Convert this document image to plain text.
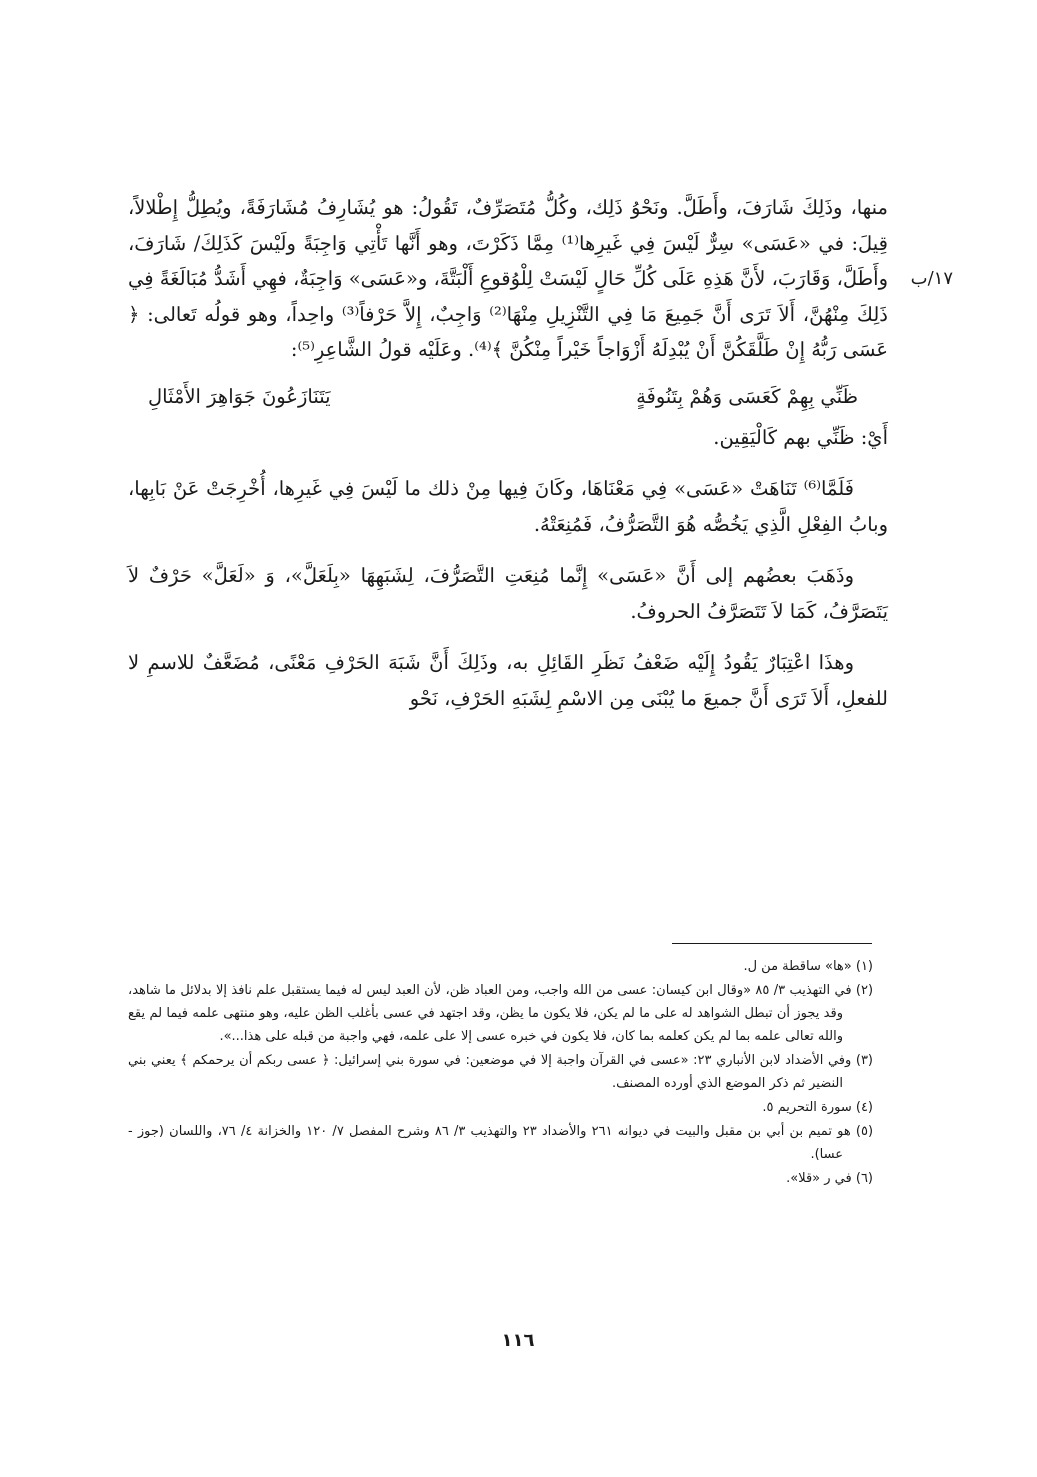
١٧/ب

منها، وذَلِكَ شَارَفَ، وأَطَلَّ. ونَحْوُ ذَلِك، وكُلُّ مُتَصَرِّفٌ، تَقُولُ: هو يُشَارِفُ مُشَارَفَةً، ويُطِلُّ إِطْلالاً، قِيلَ: في «عَسَى» سِرٌّ لَيْسَ فِي غَيرِها⁽¹⁾ مِمَّا ذَكَرْتَ، وهو أَنَّها تَأْتِي وَاجِبَةً ولَيْسَ كَذَلِكَ/ شَارَفَ، وأَطَلَّ، وَقَارَبَ، لأَنَّ هَذِهِ عَلَى كُلِّ حَالٍ لَيْسَتْ لِلْوُقوعِ أَلْبَتَّةَ، و«عَسَى» وَاجِبَةٌ، فهِي أَشَدُّ مُبَالَغَةً فِي ذَلِكَ مِنْهُنَّ، أَلاَ تَرَى أَنَّ جَمِيعَ مَا فِي التَّنْزِيلِ مِنْهَا⁽²⁾ وَاجِبٌ، إِلاَّ حَرْفاً⁽³⁾ واحِداً، وهو قولُه تَعالى: ﴿ عَسَى رَبُّهُ إِنْ طَلَّقَكُنَّ أَنْ يُبْدِلَهُ أَزْوَاجاً خَيْراً مِنْكُنَّ ﴾⁽⁴⁾. وعَلَيْه قولُ الشَّاعِرِ⁽⁵⁾:

ظَنِّي بِهِمْ كَعَسَى وَهُمْ بِتَنُوفَةٍ
يَتَنَازَعُونَ جَوَاهِرَ الأَمْثَالِ

أَيْ: ظَنِّي بهم كَالْيَقِين.

فَلَمَّا⁽⁶⁾ تَنَاهَتْ «عَسَى» فِي مَعْنَاهَا، وكَانَ فِيها مِنْ ذلك ما لَيْسَ فِي غَيرِها، أُخْرِجَتْ عَنْ بَابِها، وبابُ الفِعْلِ الَّذِي يَخُصُّه هُوَ التَّصَرُّفُ، فَمُنِعَتْهُ.

وذَهَبَ بعضُهم إلى أَنَّ «عَسَى» إِنَّما مُنِعَتِ التَّصَرُّفَ، لِشَبَهِهَا «بِلَعَلَّ»، وَ «لَعَلَّ» حَرْفٌ لاَ يَتَصَرَّفُ، كَمَا لاَ تَتَصَرَّفُ الحروفُ.

وهذَا اعْتِبَارٌ يَقُودُ إِلَيْه ضَعْفُ نَظَرِ القَائِلِ به، وذَلِكَ أَنَّ شَبَهَ الحَرْفِ مَعْنًى، مُضَعَّفٌ للاسمِ لا للفعلِ، أَلاَ تَرَى أَنَّ جميعَ ما يُبْنَى مِن الاسْمِ لِشَبَهِ الحَرْفِ، نَحْو

(١) «ها» ساقطة من ل.

(٢) في التهذيب ٣/ ٨٥ «وقال ابن كيسان: عسى من الله واجب، ومن العباد ظن، لأن العبد ليس له فيما يستقبل علم نافذ إلا بدلائل ما شاهد، وقد يجوز أن تبطل الشواهد له على ما لم يكن، فلا يكون ما يظن، وقد اجتهد في عسى بأغلب الظن عليه، وهو منتهى علمه فيما لم يقع والله تعالى علمه بما لم يكن كعلمه بما كان، فلا يكون في خبره عسى إلا على علمه، فهي واجبة من قبله على هذا...».

(٣) وفي الأضداد لابن الأنباري ٢٣: «عسى في القرآن واجبة إلا في موضعين: في سورة بني إسرائيل: ﴿ عسى ربكم أن يرحمكم ﴾ يعني بني النضير ثم ذكر الموضع الذي أورده المصنف.

(٤) سورة التحريم ٥.

(٥) هو تميم بن أبي بن مقبل والبيت في ديوانه ٢٦١ والأضداد ٢٣ والتهذيب ٣/ ٨٦ وشرح المفصل ٧/ ١٢٠ والخزانة ٤/ ٧٦، واللسان (جوز - عسا).

(٦) في ر «قلا».

١١٦
